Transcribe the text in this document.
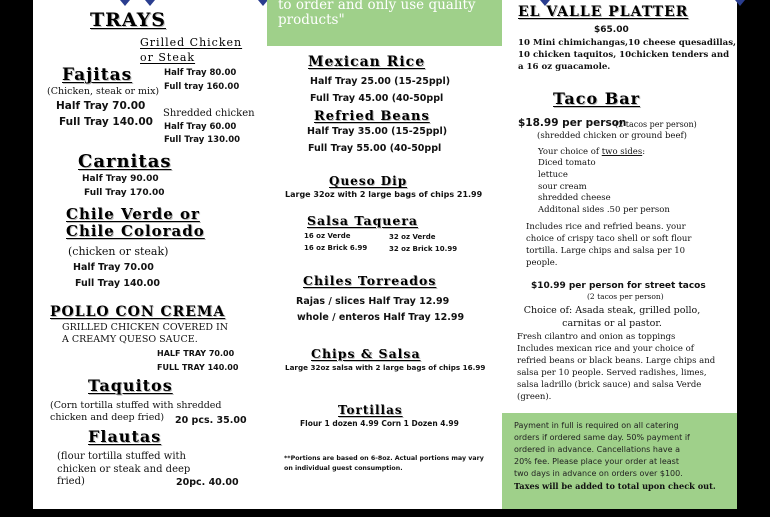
to order and only use quality
products"
TRAYS
Grilled Chicken
or Steak
Fajitas
(Chicken, steak or mix)
Half Tray 70.00
Full Tray 140.00
Half Tray 80.00
Full tray 160.00
Shredded chicken
Half Tray 60.00
Full Tray 130.00
Carnitas
Half Tray 90.00
Full Tray 170.00
Chile Verde or
Chile Colorado
(chicken or steak)
Half Tray 70.00
Full Tray 140.00
POLLO CON CREMA
GRILLED CHICKEN COVERED IN
A CREAMY QUESO SAUCE.
HALF TRAY 70.00
FULL TRAY 140.00
Taquitos
(Corn tortilla stuffed with shredded
chicken and deep fried)	20 pcs. 35.00
Flautas
(flour tortilla stuffed with
chicken or steak and deep
fried)	20pc. 40.00
Mexican Rice
Half Tray 25.00 (15-25ppl)
Full Tray 45.00 (40-50ppl
Refried Beans
Half Tray 35.00 (15-25ppl)
Full Tray 55.00 (40-50ppl
Queso Dip
Large 32oz with 2 large bags of chips 21.99
Salsa Taquera
16 oz Verde
16 oz Brick 6.99
32 oz Verde
32 oz Brick 10.99
Chiles Torreados
Rajas / slices Half Tray 12.99
whole / enteros Half Tray 12.99
Chips & Salsa
Large 32oz salsa with 2 large bags of chips 16.99
Tortillas
Flour 1 dozen 4.99 Corn 1 Dozen 4.99
**Portions are based on 6-8oz. Actual portions may vary
on individual guest consumption.
EL VALLE PLATTER
$65.00
10 Mini chimichangas,10 cheese quesadillas,
10 chicken taquitos, 10chicken tenders and
a 16 oz guacamole.
Taco Bar
$18.99 per person
(2 tacos per person)
(shredded chicken or ground beef)
Your choice of two sides:
Diced tomato
lettuce
sour cream
shredded cheese
Additonal sides .50 per person
Includes rice and refried beans. your
choice of crispy taco shell or soft flour
tortilla. Large chips and salsa per 10
people.
$10.99 per person for street tacos
(2 tacos per person)
Choice of: Asada steak, grilled pollo,
carnitas or al pastor.
Fresh cilantro and onion as toppings
Includes mexican rice and your choice of
refried beans or black beans. Large chips and
salsa per 10 people. Served radishes, limes,
salsa ladrillo (brick sauce) and salsa Verde
(green).
Payment in full is required on all catering
orders if ordered same day. 50% payment if
ordered in advance. Cancellations have a
20% fee. Please place your order at least
two days in advance on orders over $100.
Taxes will be added to total upon check out.
